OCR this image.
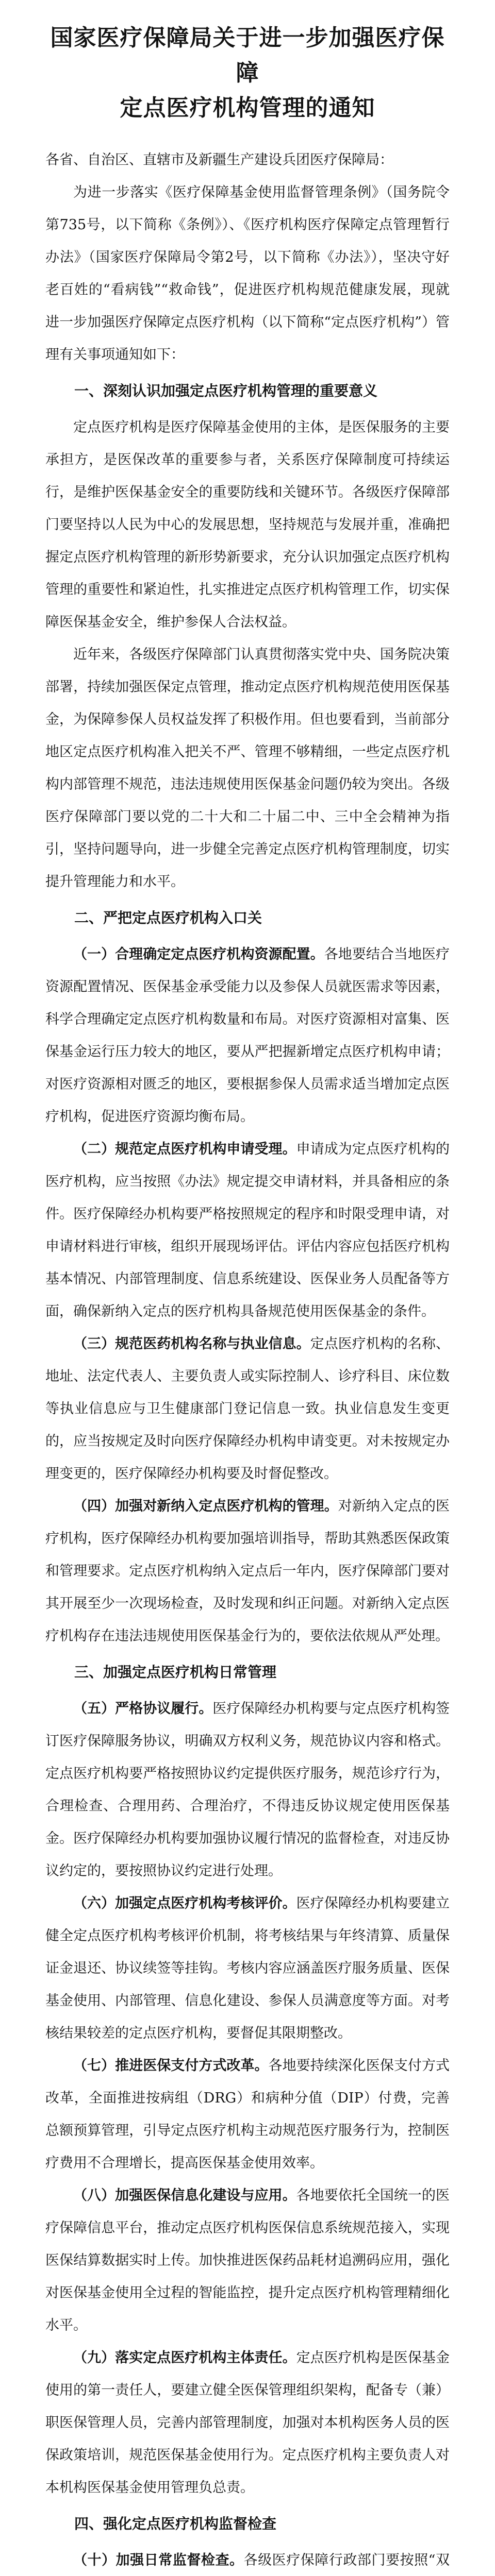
国家医疗保障局关于进一步加强医疗保障
定点医疗机构管理的通知

各省、自治区、直辖市及新疆生产建设兵团医疗保障局：

为进一步落实《医疗保障基金使用监督管理条例》（国务院令第735号，以下简称《条例》）、《医疗机构医疗保障定点管理暂行办法》（国家医疗保障局令第2号，以下简称《办法》），坚决守好老百姓的“看病钱”“救命钱”，促进医疗机构规范健康发展，现就进一步加强医疗保障定点医疗机构（以下简称“定点医疗机构”）管理有关事项通知如下：

一、深刻认识加强定点医疗机构管理的重要意义

定点医疗机构是医疗保障基金使用的主体，是医保服务的主要承担方，是医保改革的重要参与者，关系医疗保障制度可持续运行，是维护医保基金安全的重要防线和关键环节。各级医疗保障部门要坚持以人民为中心的发展思想，坚持规范与发展并重，准确把握定点医疗机构管理的新形势新要求，充分认识加强定点医疗机构管理的重要性和紧迫性，扎实推进定点医疗机构管理工作，切实保障医保基金安全，维护参保人合法权益。

近年来，各级医疗保障部门认真贯彻落实党中央、国务院决策部署，持续加强医保定点管理，推动定点医疗机构规范使用医保基金，为保障参保人员权益发挥了积极作用。但也要看到，当前部分地区定点医疗机构准入把关不严、管理不够精细，一些定点医疗机构内部管理不规范，违法违规使用医保基金问题仍较为突出。各级医疗保障部门要以党的二十大和二十届二中、三中全会精神为指引，坚持问题导向，进一步健全完善定点医疗机构管理制度，切实提升管理能力和水平。

二、严把定点医疗机构入口关

（一）合理确定定点医疗机构资源配置。各地要结合当地医疗资源配置情况、医保基金承受能力以及参保人员就医需求等因素，科学合理确定定点医疗机构数量和布局。对医疗资源相对富集、医保基金运行压力较大的地区，要从严把握新增定点医疗机构申请；对医疗资源相对匮乏的地区，要根据参保人员需求适当增加定点医疗机构，促进医疗资源均衡布局。

（二）规范定点医疗机构申请受理。申请成为定点医疗机构的医疗机构，应当按照《办法》规定提交申请材料，并具备相应的条件。医疗保障经办机构要严格按照规定的程序和时限受理申请，对申请材料进行审核，组织开展现场评估。评估内容应包括医疗机构基本情况、内部管理制度、信息系统建设、医保业务人员配备等方面，确保新纳入定点的医疗机构具备规范使用医保基金的条件。

（三）规范医药机构名称与执业信息。定点医疗机构的名称、地址、法定代表人、主要负责人或实际控制人、诊疗科目、床位数等执业信息应与卫生健康部门登记信息一致。执业信息发生变更的，应当按规定及时向医疗保障经办机构申请变更。对未按规定办理变更的，医疗保障经办机构要及时督促整改。

（四）加强对新纳入定点医疗机构的管理。对新纳入定点的医疗机构，医疗保障经办机构要加强培训指导，帮助其熟悉医保政策和管理要求。定点医疗机构纳入定点后一年内，医疗保障部门要对其开展至少一次现场检查，及时发现和纠正问题。对新纳入定点医疗机构存在违法违规使用医保基金行为的，要依法依规从严处理。

三、加强定点医疗机构日常管理

（五）严格协议履行。医疗保障经办机构要与定点医疗机构签订医疗保障服务协议，明确双方权利义务，规范协议内容和格式。定点医疗机构要严格按照协议约定提供医疗服务，规范诊疗行为，合理检查、合理用药、合理治疗，不得违反协议规定使用医保基金。医疗保障经办机构要加强协议履行情况的监督检查，对违反协议约定的，要按照协议约定进行处理。

（六）加强定点医疗机构考核评价。医疗保障经办机构要建立健全定点医疗机构考核评价机制，将考核结果与年终清算、质量保证金退还、协议续签等挂钩。考核内容应涵盖医疗服务质量、医保基金使用、内部管理、信息化建设、参保人员满意度等方面。对考核结果较差的定点医疗机构，要督促其限期整改。

（七）推进医保支付方式改革。各地要持续深化医保支付方式改革，全面推进按病组（DRG）和病种分值（DIP）付费，完善总额预算管理，引导定点医疗机构主动规范医疗服务行为，控制医疗费用不合理增长，提高医保基金使用效率。

（八）加强医保信息化建设与应用。各地要依托全国统一的医疗保障信息平台，推动定点医疗机构医保信息系统规范接入，实现医保结算数据实时上传。加快推进医保药品耗材追溯码应用，强化对医保基金使用全过程的智能监控，提升定点医疗机构管理精细化水平。

（九）落实定点医疗机构主体责任。定点医疗机构是医保基金使用的第一责任人，要建立健全医保管理组织架构，配备专（兼）职医保管理人员，完善内部管理制度，加强对本机构医务人员的医保政策培训，规范医保基金使用行为。定点医疗机构主要负责人对本机构医保基金使用管理负总责。

四、强化定点医疗机构监督检查

（十）加强日常监督检查。各级医疗保障行政部门要按照“双
